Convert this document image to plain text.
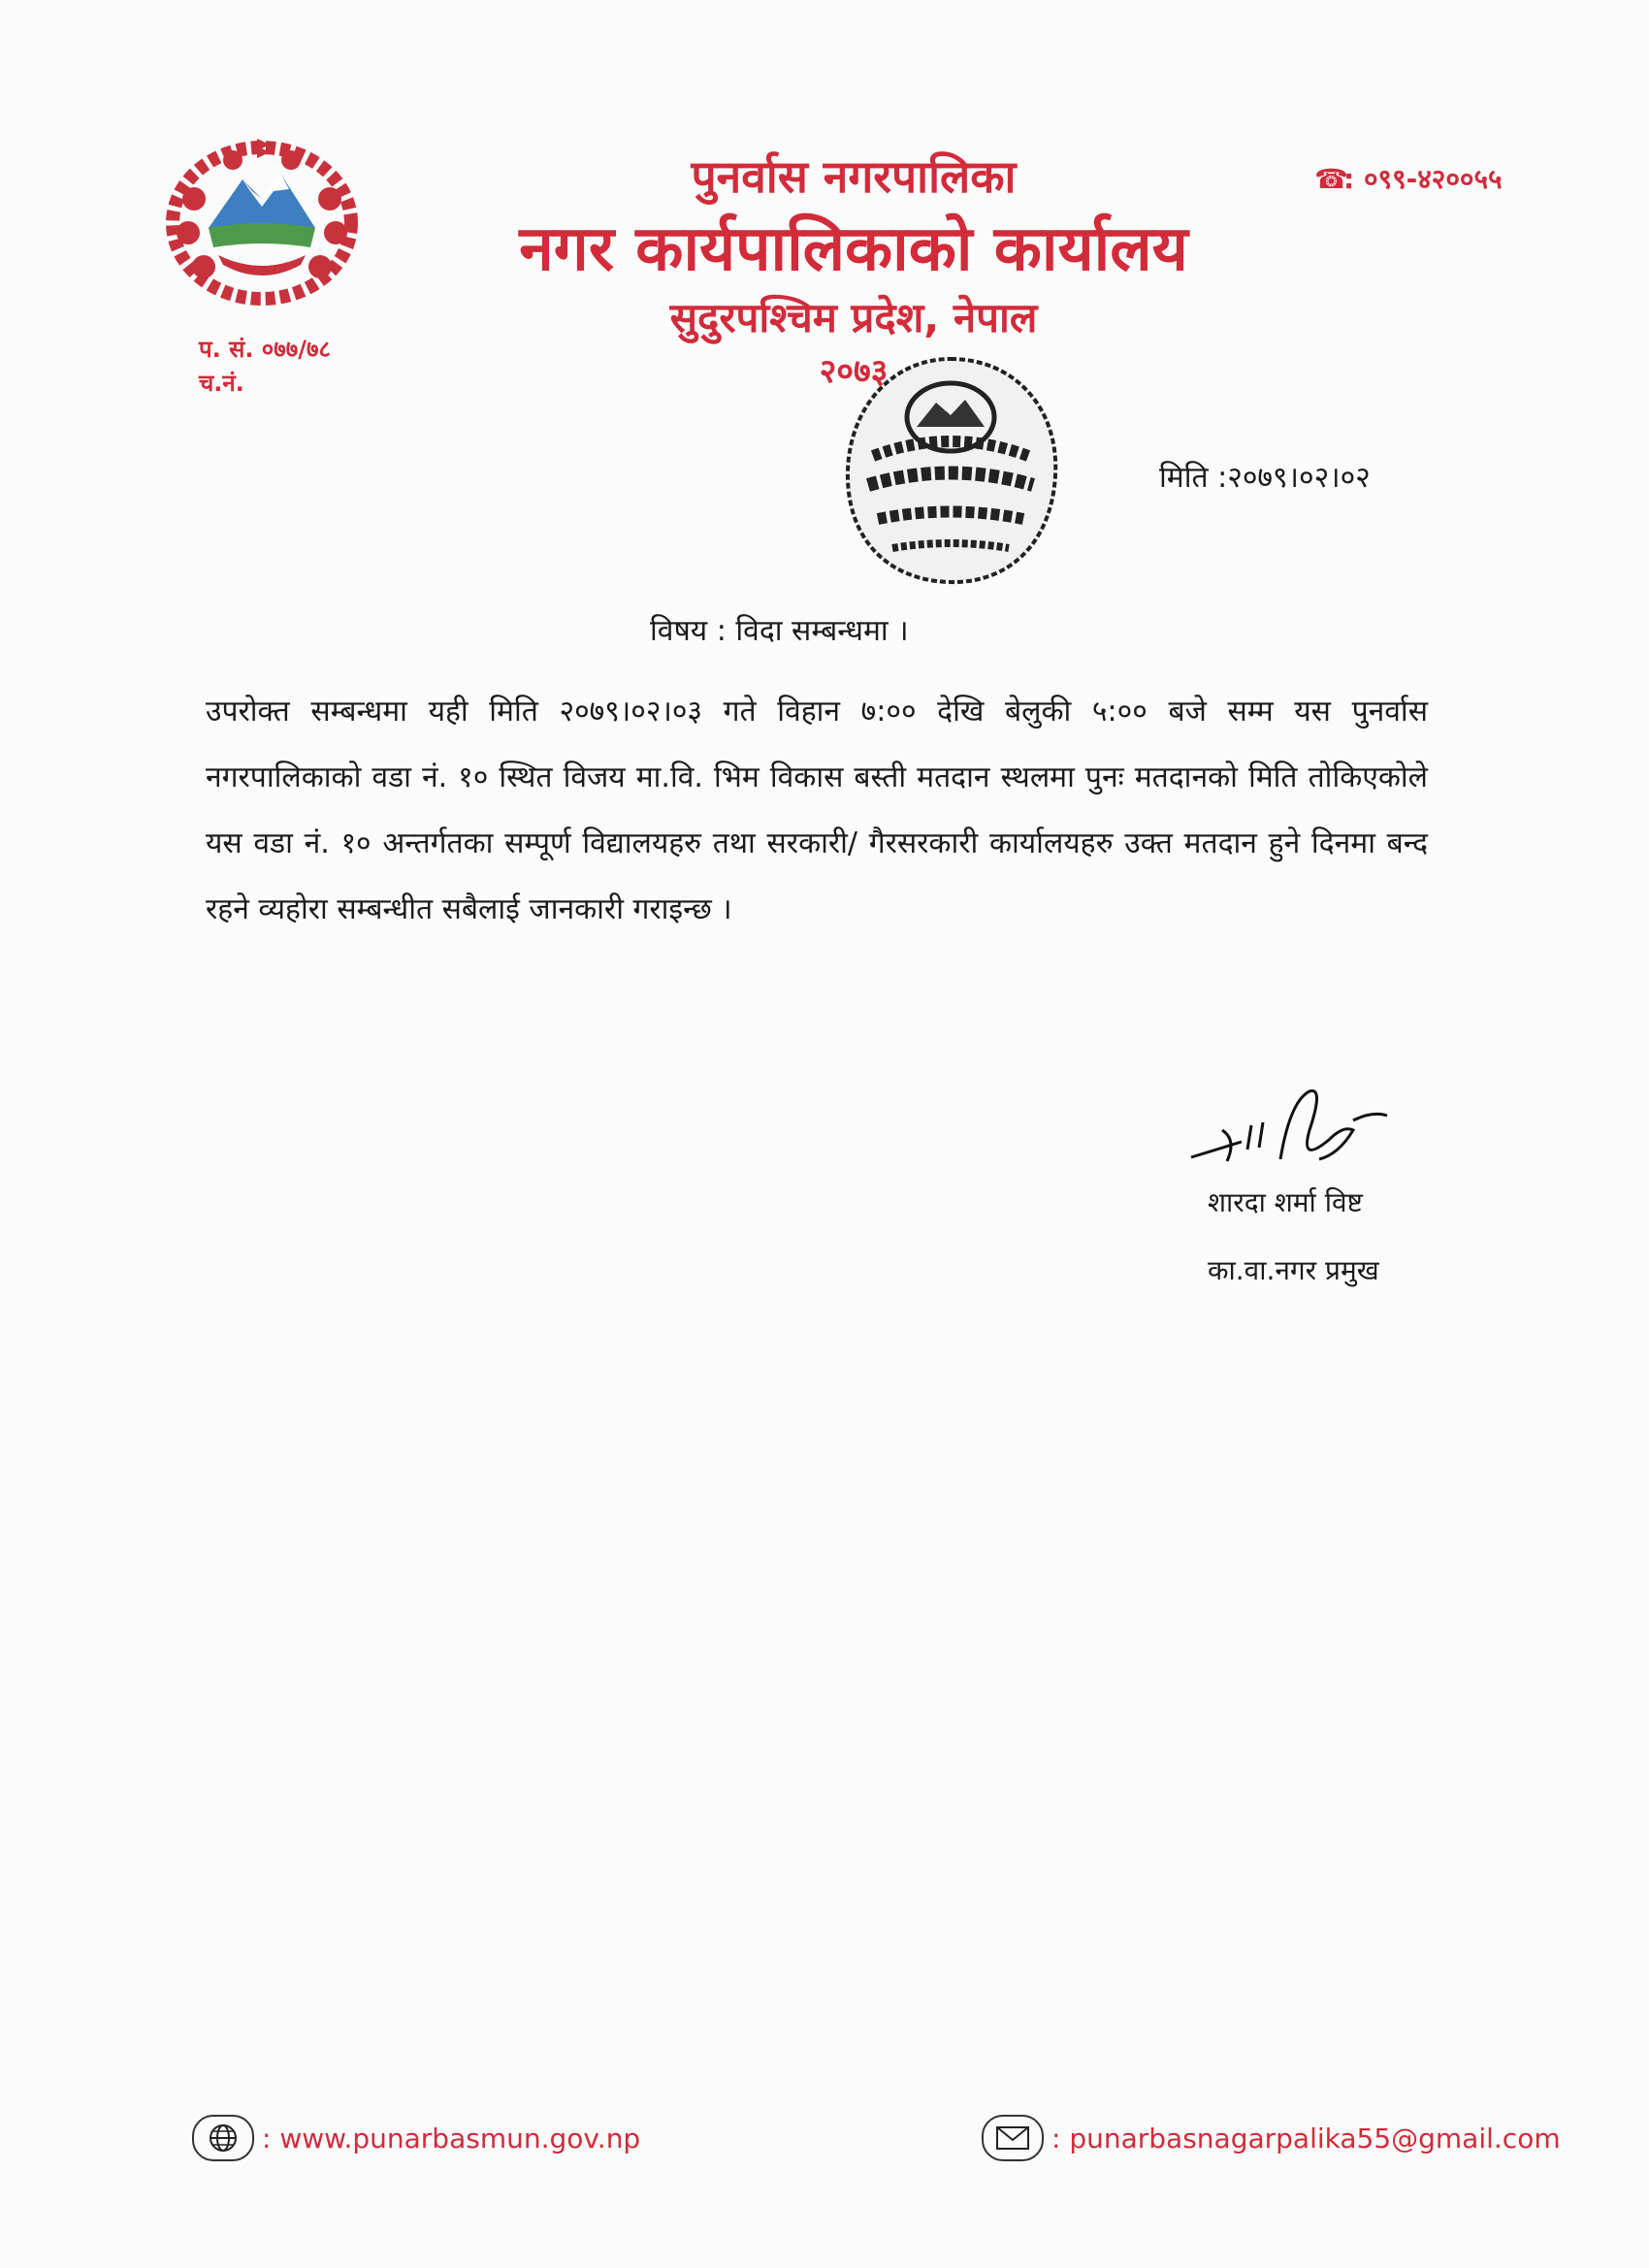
पुनर्वास नगरपालिका
नगर कार्यपालिकाको कार्यालय
सुदुरपश्चिम प्रदेश, नेपाल
२०७३
☎: ०९९-४२००५५
प. सं. ०७७/७८
च.नं.
मिति :२०७९।०२।०२
विषय : विदा सम्बन्धमा ।

उपरोक्त सम्बन्धमा यही मिति २०७९।०२।०३ गते विहान ७:०० देखि बेलुकी ५:०० बजे सम्म यस पुनर्वास नगरपालिकाको वडा नं. १० स्थित विजय मा.वि. भिम विकास बस्ती मतदान स्थलमा पुनः मतदानको मिति तोकिएकोले यस वडा नं. १० अन्तर्गतका सम्पूर्ण विद्यालयहरु तथा सरकारी/ गैरसरकारी कार्यालयहरु उक्त मतदान हुने दिनमा बन्द रहने व्यहोरा सम्बन्धीत सबैलाई जानकारी गराइन्छ ।

शारदा शर्मा विष्ट
का.वा.नगर प्रमुख
: www.punarbasmun.gov.np	: punarbasnagarpalika55@gmail.com
